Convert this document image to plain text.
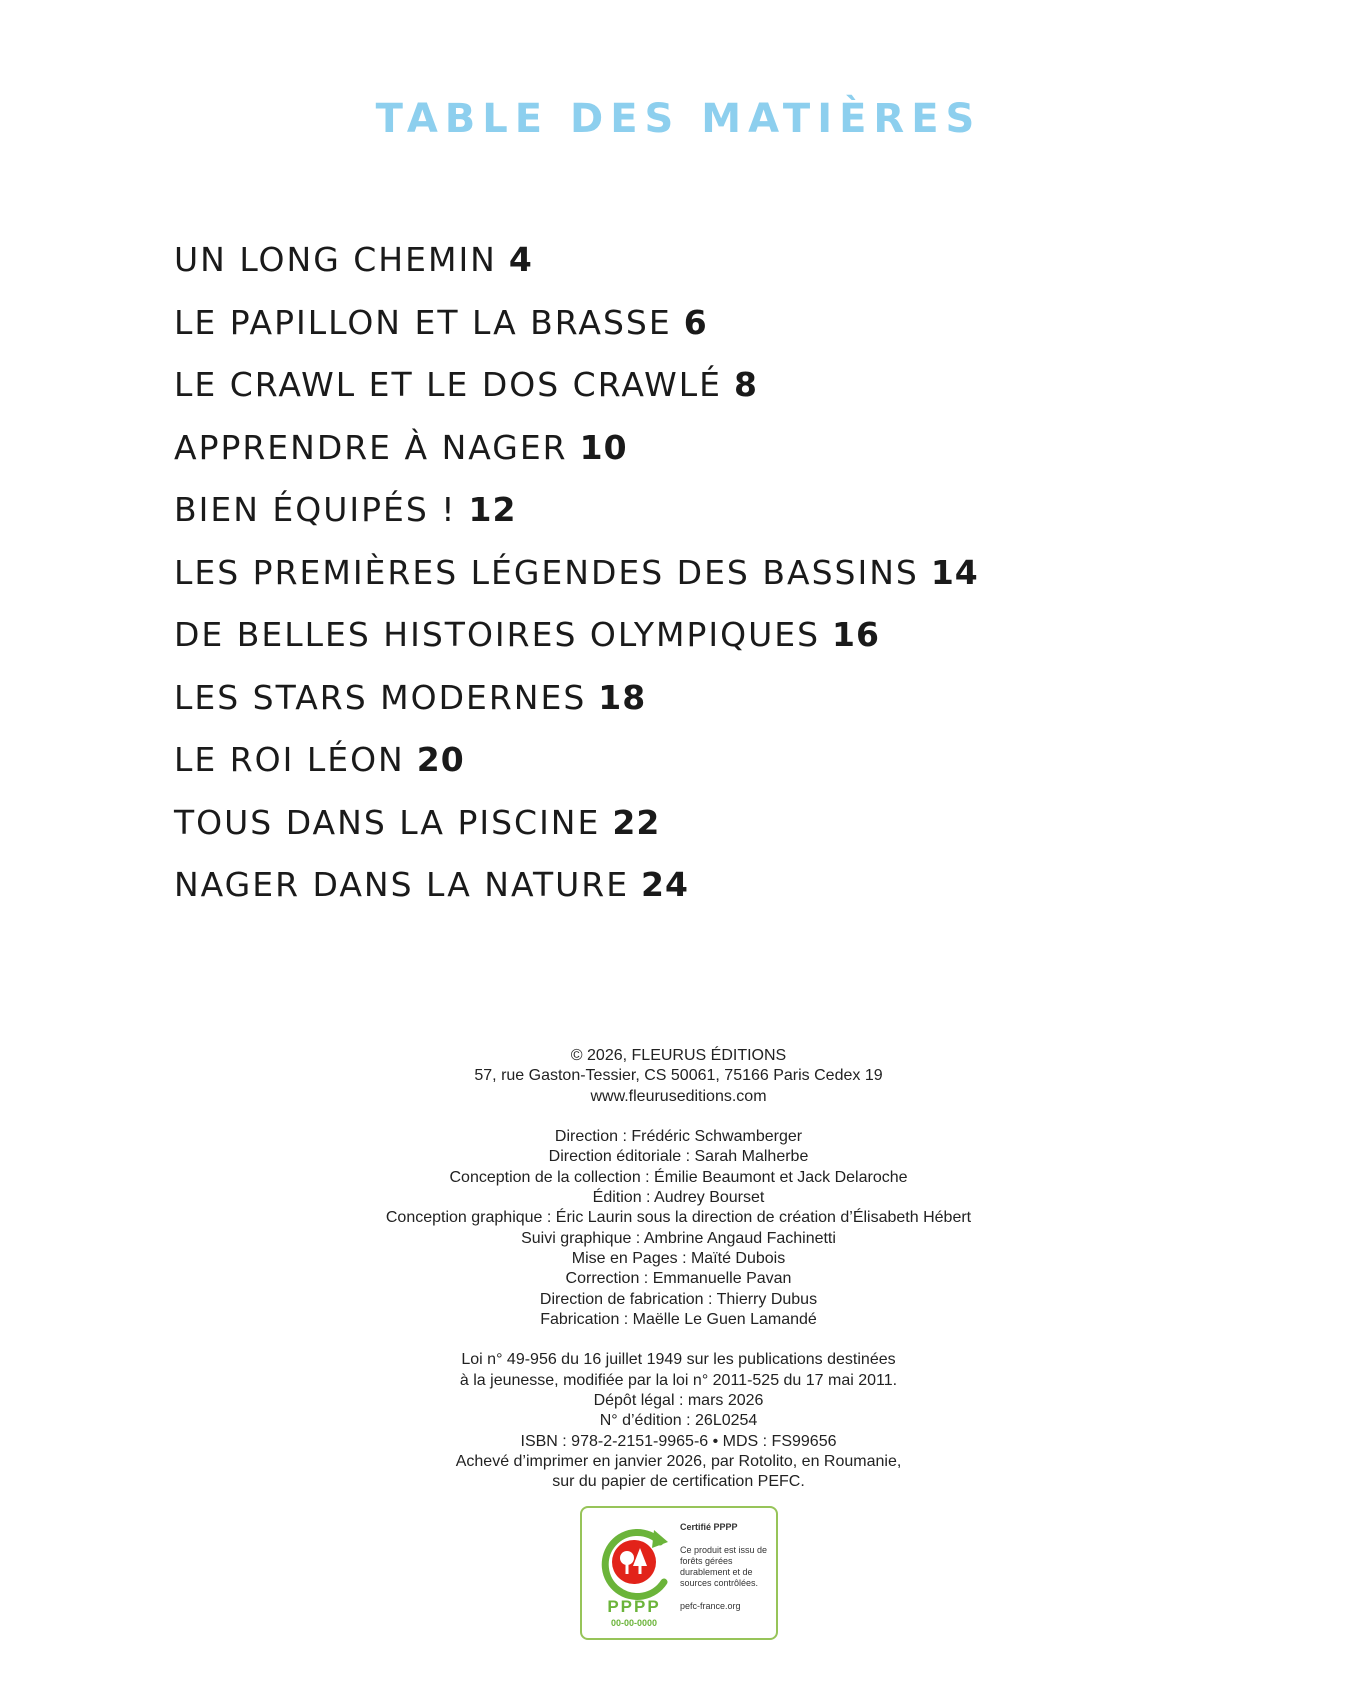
TABLE DES MATIÈRES
UN LONG CHEMIN 4
LE PAPILLON ET LA BRASSE 6
LE CRAWL ET LE DOS CRAWLÉ 8
APPRENDRE À NAGER 10
BIEN ÉQUIPÉS ! 12
LES PREMIÈRES LÉGENDES DES BASSINS 14
DE BELLES HISTOIRES OLYMPIQUES 16
LES STARS MODERNES 18
LE ROI LÉON 20
TOUS DANS LA PISCINE 22
NAGER DANS LA NATURE 24

© 2026, FLEURUS ÉDITIONS

57, rue Gaston-Tessier, CS 50061, 75166 Paris Cedex 19

www.fleuruseditions.com

Direction : Frédéric Schwamberger

Direction éditoriale : Sarah Malherbe

Conception de la collection : Émilie Beaumont et Jack Delaroche

Édition : Audrey Bourset

Conception graphique : Éric Laurin sous la direction de création d’Élisabeth Hébert

Suivi graphique : Ambrine Angaud Fachinetti

Mise en Pages : Maïté Dubois

Correction : Emmanuelle Pavan

Direction de fabrication : Thierry Dubus

Fabrication : Maëlle Le Guen Lamandé

Loi n° 49-956 du 16 juillet 1949 sur les publications destinées

à la jeunesse, modifiée par la loi n° 2011-525 du 17 mai 2011.

Dépôt légal : mars 2026

N° d’édition : 26L0254

ISBN : 978-2-2151-9965-6 • MDS : FS99656

Achevé d’imprimer en janvier 2026, par Rotolito, en Roumanie,

sur du papier de certification PEFC.

PPPP
00-00-0000
Certifié PPPP
Ce produit est issu de forêts gérées durablement et de sources contrôlées.
pefc-france.org
